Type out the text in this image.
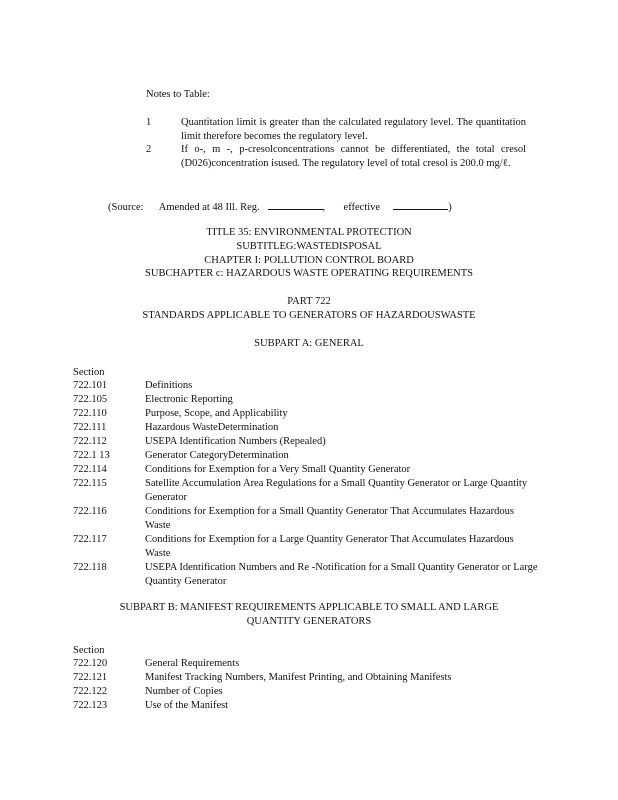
Notes to Table:
1	Quantitation limit is greater than the calculated regulatory level. The quantitation limit therefore becomes the regulatory level.
2	If o-, m -, p-cresolconcentrations cannot be differentiated, the total cresol (D026)concentration isused. The regulatory level of total cresol is 200.0 mg/ℓ.
(Source: Amended at 48 Ill. Reg.	,       effective	)
TITLE 35: ENVIRONMENTAL PROTECTION
SUBTITLEG:WASTEDISPOSAL
CHAPTER I: POLLUTION CONTROL BOARD
SUBCHAPTER c: HAZARDOUS WASTE OPERATING REQUIREMENTS
PART 722
STANDARDS APPLICABLE TO GENERATORS OF HAZARDOUSWASTE
SUBPART A: GENERAL
Section
722.101	Definitions
722.105	Electronic Reporting
722.110	Purpose, Scope, and Applicability
722.111	Hazardous WasteDetermination
722.112	USEPA Identification Numbers (Repealed)
722.1 13	Generator CategoryDetermination
722.114	Conditions for Exemption for a Very Small Quantity Generator
722.115	Satellite Accumulation Area Regulations for a Small Quantity Generator or Large Quantity Generator
722.116	Conditions for Exemption for a Small Quantity Generator That Accumulates Hazardous Waste
722.117	Conditions for Exemption for a Large Quantity Generator That Accumulates Hazardous Waste
722.118	USEPA Identification Numbers and Re -Notification for a Small Quantity Generator or Large Quantity Generator
SUBPART B: MANIFEST REQUIREMENTS APPLICABLE TO SMALL AND LARGE
QUANTITY GENERATORS
Section
722.120	General Requirements
722.121	Manifest Tracking Numbers, Manifest Printing, and Obtaining Manifests
722.122	Number of Copies
722.123	Use of the Manifest
